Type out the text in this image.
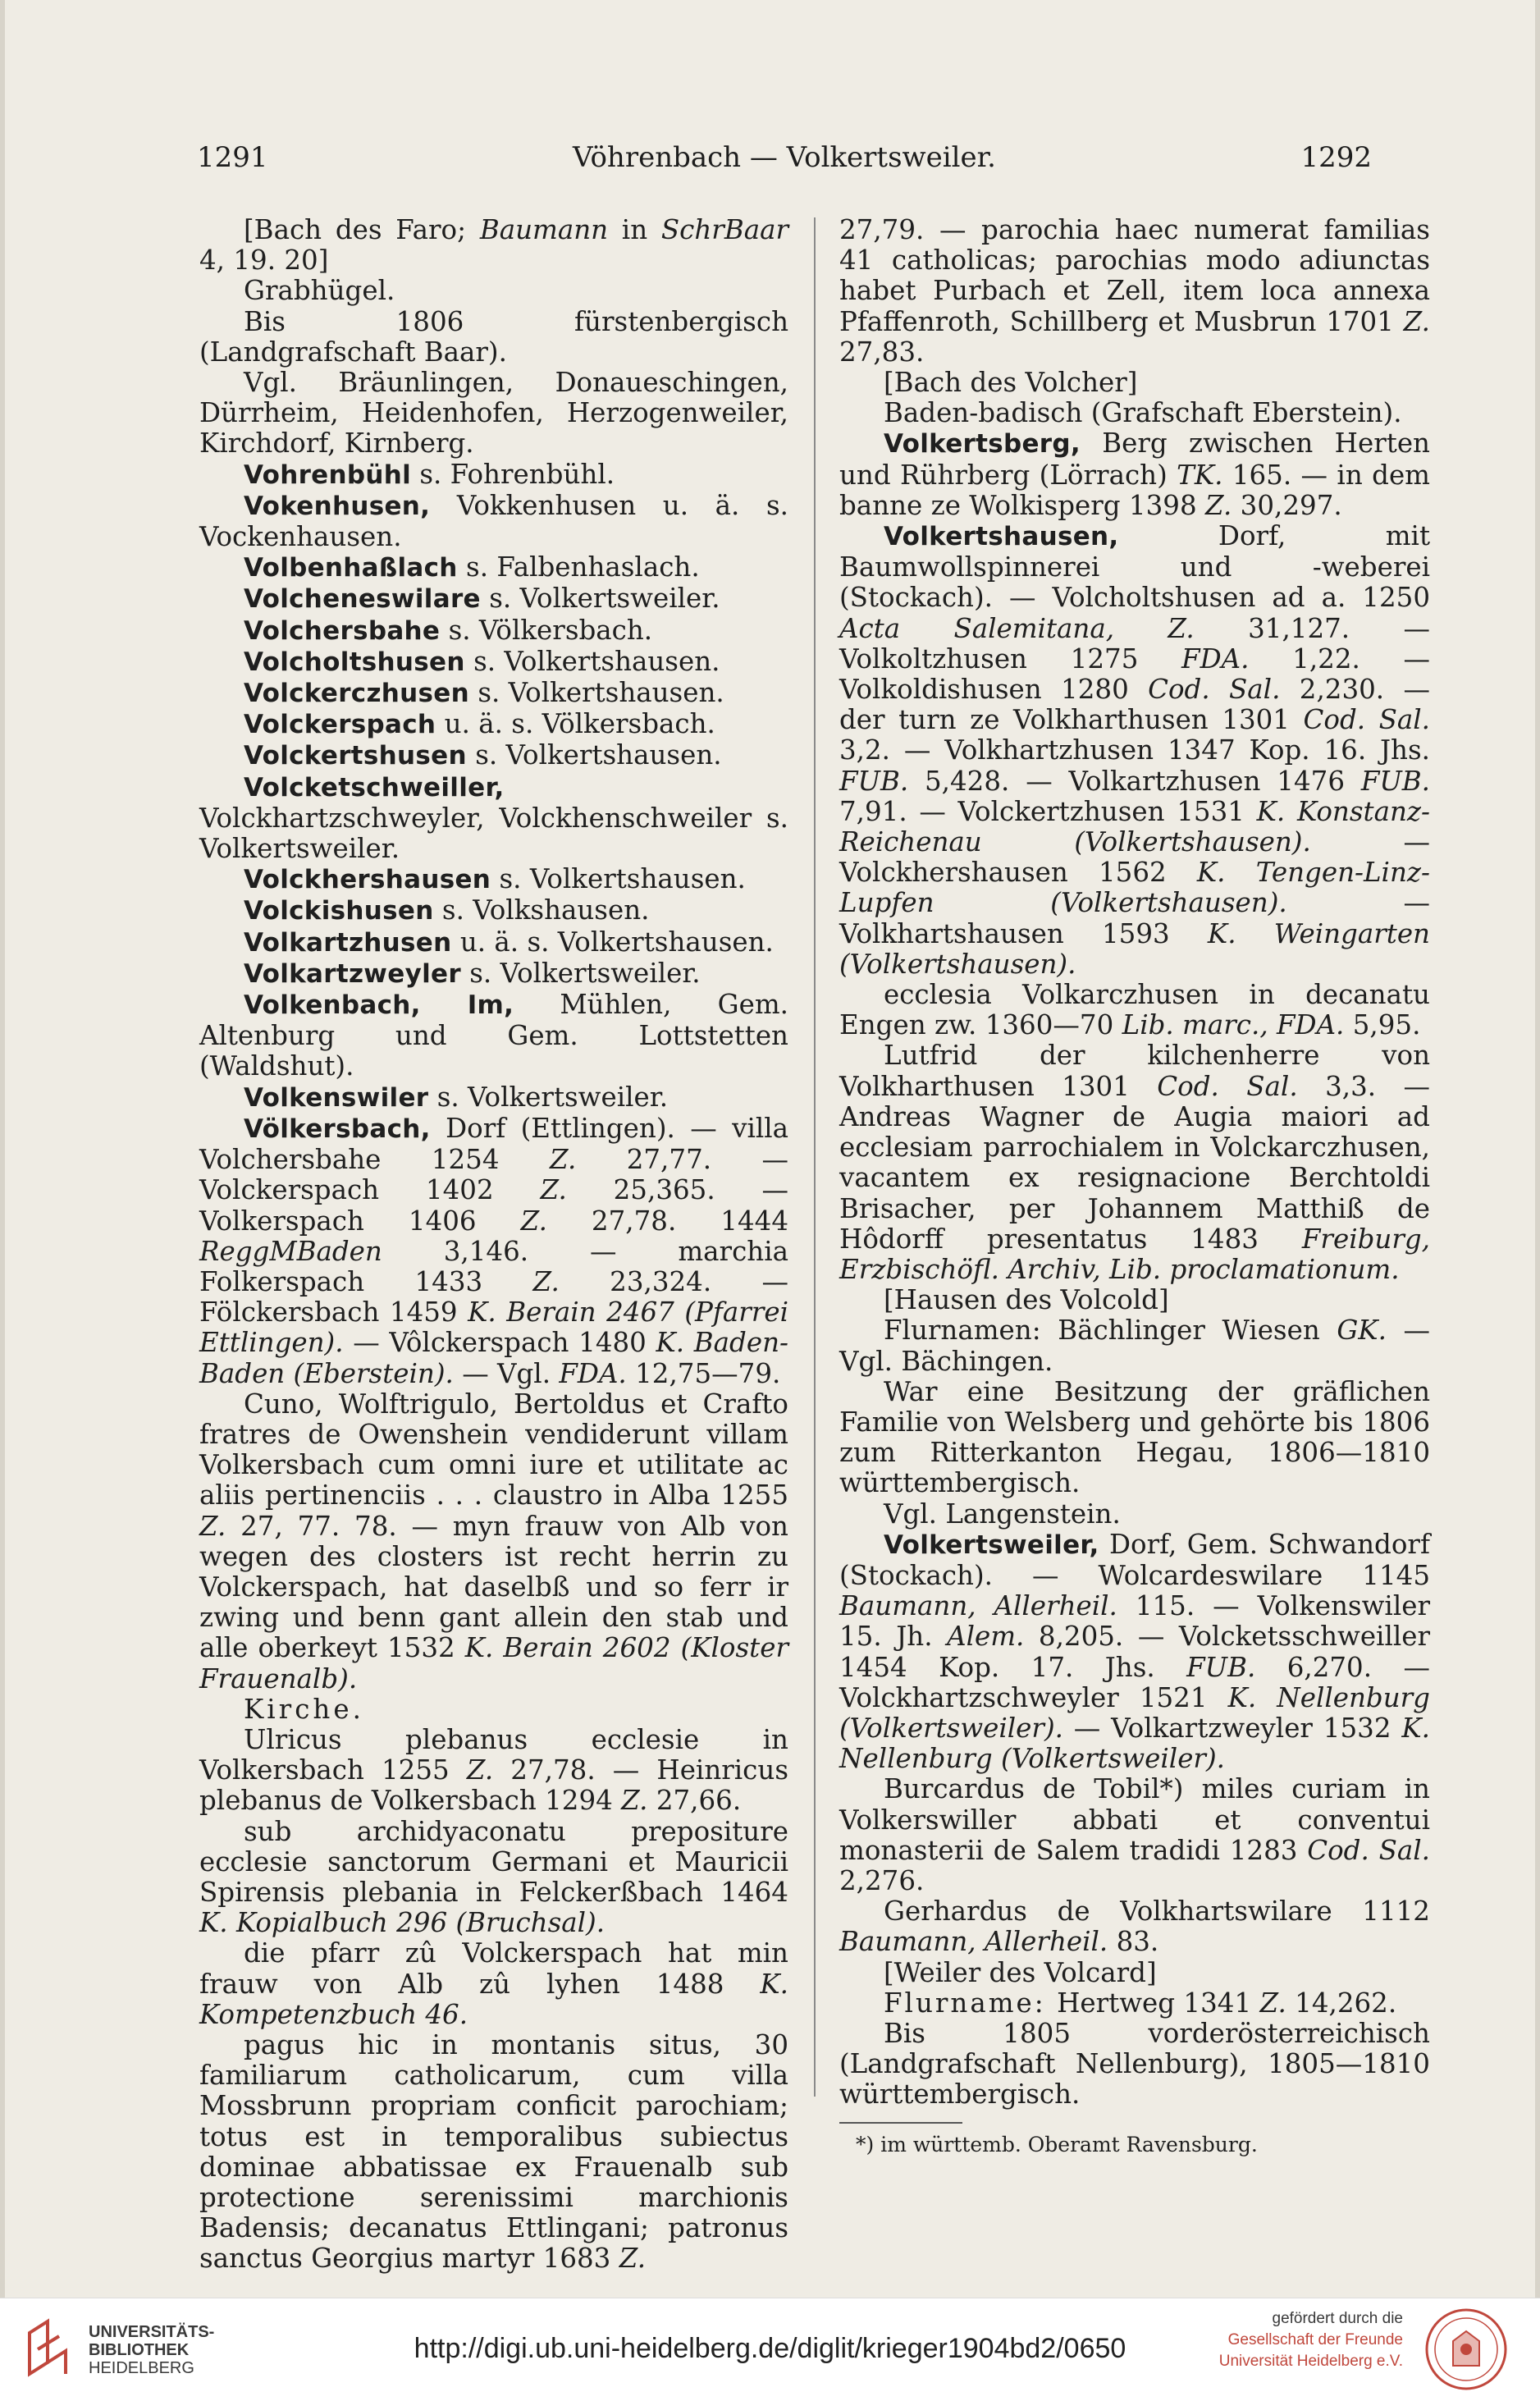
1291	Vöhrenbach — Volkertsweiler.	1292

[Bach des Faro; Baumann in SchrBaar 4, 19. 20]

Grabhügel.

Bis 1806 fürstenbergisch (Landgrafschaft Baar).

Vgl. Bräunlingen, Donaueschingen, Dürrheim, Heidenhofen, Herzogenweiler, Kirchdorf, Kirnberg.

Vohrenbühl s. Fohrenbühl.

Vokenhusen, Vokkenhusen u. ä. s. Vockenhausen.

Volbenhaßlach s. Falbenhaslach.

Volcheneswilare s. Volkertsweiler.

Volchersbahe s. Völkersbach.

Volcholtshusen s. Volkertshausen.

Volckerczhusen s. Volkertshausen.

Volckerspach u. ä. s. Völkersbach.

Volckertshusen s. Volkertshausen.

Volcketschweiller, Volckhartzschweyler, Volckhenschweiler s. Volkertsweiler.

Volckhershausen s. Volkertshausen.

Volckishusen s. Volkshausen.

Volkartzhusen u. ä. s. Volkertshausen.

Volkartzweyler s. Volkertsweiler.

Volkenbach, Im, Mühlen, Gem. Altenburg und Gem. Lottstetten (Waldshut).

Volkenswiler s. Volkertsweiler.

Völkersbach, Dorf (Ettlingen). — villa Volchersbahe 1254 Z. 27,77. — Volckerspach 1402 Z. 25,365. — Volkerspach 1406 Z. 27,78. 1444 ReggMBaden 3,146. — marchia Folkerspach 1433 Z. 23,324. — Fölckersbach 1459 K. Berain 2467 (Pfarrei Ettlingen). — Vôlckerspach 1480 K. Baden-Baden (Eberstein). — Vgl. FDA. 12,75—79.

Cuno, Wolftrigulo, Bertoldus et Crafto fratres de Owenshein vendiderunt villam Volkersbach cum omni iure et utilitate ac aliis pertinenciis . . . claustro in Alba 1255 Z. 27, 77. 78. — myn frauw von Alb von wegen des closters ist recht herrin zu Volckerspach, hat daselbß und so ferr ir zwing und benn gant allein den stab und alle oberkeyt 1532 K. Berain 2602 (Kloster Frauenalb).

Kirche.

Ulricus plebanus ecclesie in Volkersbach 1255 Z. 27,78. — Heinricus plebanus de Volkersbach 1294 Z. 27,66.

sub archidyaconatu prepositure ecclesie sanctorum Germani et Mauricii Spirensis plebania in Felckerßbach 1464 K. Kopialbuch 296 (Bruchsal).

die pfarr zû Volckerspach hat min frauw von Alb zû lyhen 1488 K. Kompetenzbuch 46.

pagus hic in montanis situs, 30 familiarum catholicarum, cum villa Mossbrunn propriam conficit parochiam; totus est in temporalibus subiectus dominae abbatissae ex Frauenalb sub protectione serenissimi marchionis Badensis; decanatus Ettlingani; patronus sanctus Georgius martyr 1683 Z.

27,79. — parochia haec numerat familias 41 catholicas; parochias modo adiunctas habet Purbach et Zell, item loca annexa Pfaffenroth, Schillberg et Musbrun 1701 Z. 27,83.

[Bach des Volcher]

Baden-badisch (Grafschaft Eberstein).

Volkertsberg, Berg zwischen Herten und Rührberg (Lörrach) TK. 165. — in dem banne ze Wolkisperg 1398 Z. 30,297.

Volkertshausen, Dorf, mit Baumwollspinnerei und -weberei (Stockach). — Volcholtshusen ad a. 1250 Acta Salemitana, Z. 31,127. — Volkoltzhusen 1275 FDA. 1,22. — Volkoldishusen 1280 Cod. Sal. 2,230. — der turn ze Volkharthusen 1301 Cod. Sal. 3,2. — Volkhartzhusen 1347 Kop. 16. Jhs. FUB. 5,428. — Volkartzhusen 1476 FUB. 7,91. — Volckertzhusen 1531 K. Konstanz-Reichenau (Volkertshausen). — Volckhershausen 1562 K. Tengen-Linz-Lupfen (Volkertshausen). — Volkhartshausen 1593 K. Weingarten (Volkertshausen).

ecclesia Volkarczhusen in decanatu Engen zw. 1360—70 Lib. marc., FDA. 5,95.

Lutfrid der kilchenherre von Volkharthusen 1301 Cod. Sal. 3,3. — Andreas Wagner de Augia maiori ad ecclesiam parrochialem in Volckarczhusen, vacantem ex resignacione Berchtoldi Brisacher, per Johannem Matthiß de Hôdorff presentatus 1483 Freiburg, Erzbischöfl. Archiv, Lib. proclamationum.

[Hausen des Volcold]

Flurnamen: Bächlinger Wiesen GK. — Vgl. Bächingen.

War eine Besitzung der gräflichen Familie von Welsberg und gehörte bis 1806 zum Ritterkanton Hegau, 1806—1810 württembergisch.

Vgl. Langenstein.

Volkertsweiler, Dorf, Gem. Schwandorf (Stockach). — Wolcardeswilare 1145 Baumann, Allerheil. 115. — Volkenswiler 15. Jh. Alem. 8,205. — Volcketsschweiller 1454 Kop. 17. Jhs. FUB. 6,270. — Volckhartzschweyler 1521 K. Nellenburg (Volkertsweiler). — Volkartzweyler 1532 K. Nellenburg (Volkertsweiler).

Burcardus de Tobil*) miles curiam in Volkerswiller abbati et conventui monasterii de Salem tradidi 1283 Cod. Sal. 2,276.

Gerhardus de Volkhartswilare 1112 Baumann, Allerheil. 83.

[Weiler des Volcard]

Flurname: Hertweg 1341 Z. 14,262.

Bis 1805 vorderösterreichisch (Landgrafschaft Nellenburg), 1805—1810 württembergisch.

*) im württemb. Oberamt Ravensburg.

UNIVERSITÄTS-
BIBLIOTHEK
HEIDELBERG
http://digi.ub.uni-heidelberg.de/diglit/krieger1904bd2/0650
gefördert durch die
Gesellschaft der Freunde
Universität Heidelberg e.V.
